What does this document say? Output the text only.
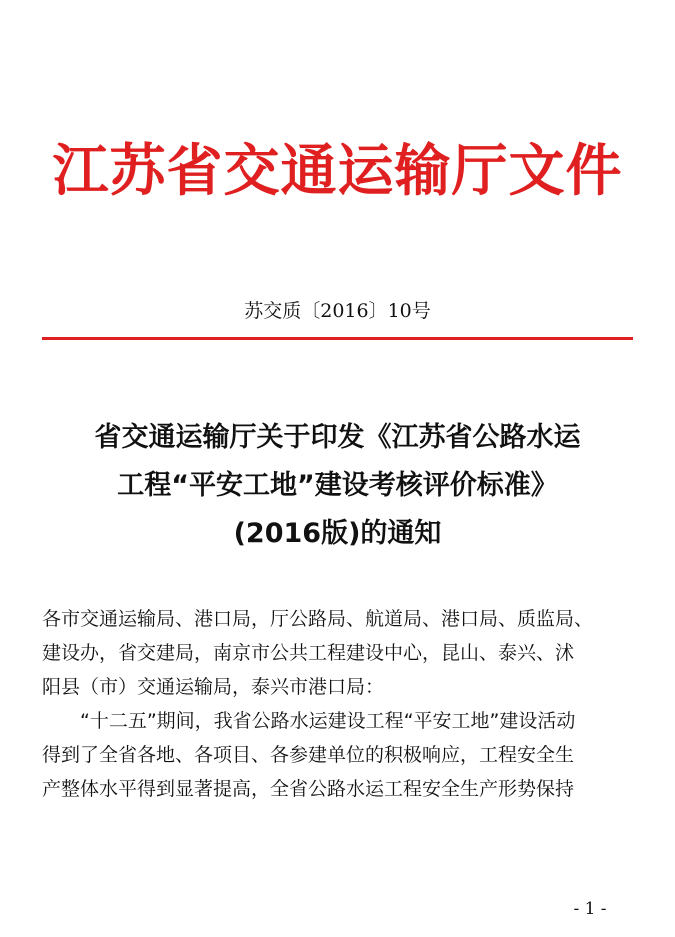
江苏省交通运输厅文件
苏交质〔2016〕10号
省交通运输厅关于印发《江苏省公路水运
工程“平安工地”建设考核评价标准》
(2016版)的通知

各市交通运输局、港口局，厅公路局、航道局、港口局、质监局、

建设办，省交建局，南京市公共工程建设中心，昆山、泰兴、沭

阳县（市）交通运输局，泰兴市港口局：

“十二五”期间，我省公路水运建设工程“平安工地”建设活动

得到了全省各地、各项目、各参建单位的积极响应，工程安全生

产整体水平得到显著提高，全省公路水运工程安全生产形势保持

- 1 -
